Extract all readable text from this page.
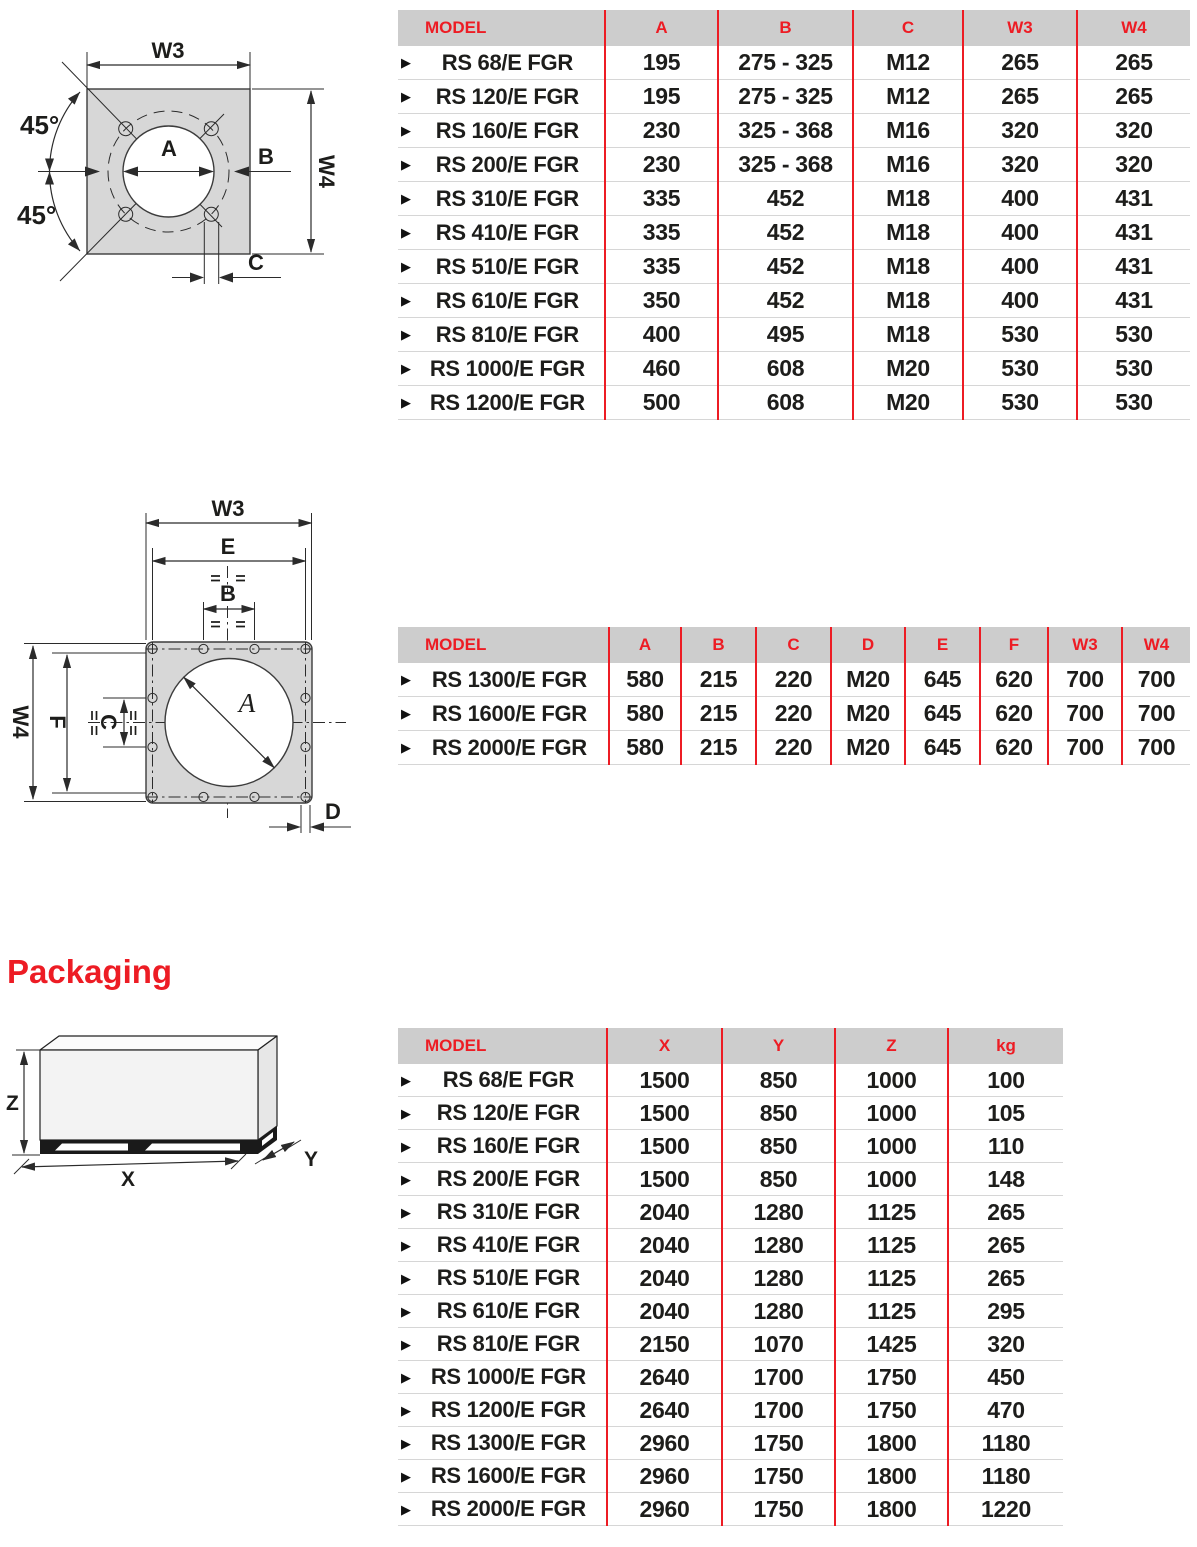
W3
W4
A	B
C
45°
45°
MODEL	A	B	C	W3	W4

▶ RS 68/E FGR	195	275 - 325	M12	265	265

▶ RS 120/E FGR	195	275 - 325	M12	265	265

▶ RS 160/E FGR	230	325 - 368	M16	320	320

▶ RS 200/E FGR	230	325 - 368	M16	320	320

▶ RS 310/E FGR	335	452	M18	400	431

▶ RS 410/E FGR	335	452	M18	400	431

▶ RS 510/E FGR	335	452	M18	400	431

▶ RS 610/E FGR	350	452	M18	400	431

▶ RS 810/E FGR	400	495	M18	530	530

▶ RS 1000/E FGR	460	608	M20	530	530

▶ RS 1200/E FGR	500	608	M20	530	530
W3
E
B
W4 F C
A
D
MODEL	A	B	C	D	E	F	W3	W4

▶ RS 1300/E FGR	580	215	220	M20	645	620	700	700

▶ RS 1600/E FGR	580	215	220	M20	645	620	700	700

▶ RS 2000/E FGR	580	215	220	M20	645	620	700	700
Packaging
Z
X
Y
MODEL	X	Y	Z	kg

▶ RS 68/E FGR	1500	850	1000	100

▶ RS 120/E FGR	1500	850	1000	105

▶ RS 160/E FGR	1500	850	1000	110

▶ RS 200/E FGR	1500	850	1000	148

▶ RS 310/E FGR	2040	1280	1125	265

▶ RS 410/E FGR	2040	1280	1125	265

▶ RS 510/E FGR	2040	1280	1125	265

▶ RS 610/E FGR	2040	1280	1125	295

▶ RS 810/E FGR	2150	1070	1425	320

▶ RS 1000/E FGR	2640	1700	1750	450

▶ RS 1200/E FGR	2640	1700	1750	470

▶ RS 1300/E FGR	2960	1750	1800	1180

▶ RS 1600/E FGR	2960	1750	1800	1180

▶ RS 2000/E FGR	2960	1750	1800	1220
